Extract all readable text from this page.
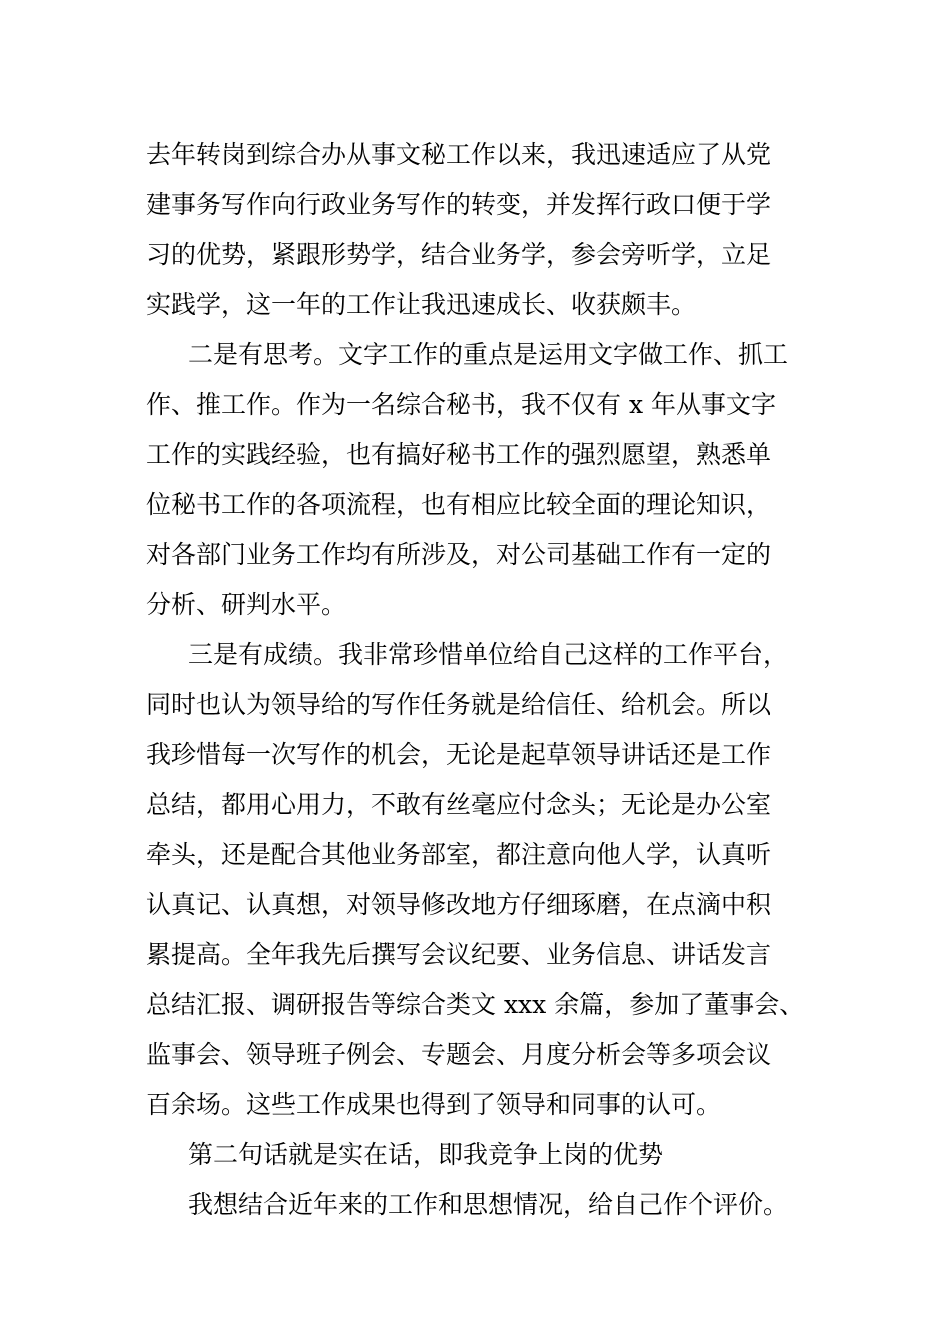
去年转岗到综合办从事文秘工作以来，我迅速适应了从党
建事务写作向行政业务写作的转变，并发挥行政口便于学
习的优势，紧跟形势学，结合业务学，参会旁听学，立足
实践学，这一年的工作让我迅速成长、收获颇丰。

二是有思考。文字工作的重点是运用文字做工作、抓工
作、推工作。作为一名综合秘书，我不仅有 x 年从事文字
工作的实践经验，也有搞好秘书工作的强烈愿望，熟悉单
位秘书工作的各项流程，也有相应比较全面的理论知识，
对各部门业务工作均有所涉及，对公司基础工作有一定的
分析、研判水平。

三是有成绩。我非常珍惜单位给自己这样的工作平台，
同时也认为领导给的写作任务就是给信任、给机会。所以
我珍惜每一次写作的机会，无论是起草领导讲话还是工作
总结，都用心用力，不敢有丝毫应付念头；无论是办公室
牵头，还是配合其他业务部室，都注意向他人学，认真听
认真记、认真想，对领导修改地方仔细琢磨，在点滴中积
累提高。全年我先后撰写会议纪要、业务信息、讲话发言
总结汇报、调研报告等综合类文 xxx 余篇，参加了董事会、
监事会、领导班子例会、专题会、月度分析会等多项会议
百余场。这些工作成果也得到了领导和同事的认可。

第二句话就是实在话，即我竞争上岗的优势

我想结合近年来的工作和思想情况，给自己作个评价。
